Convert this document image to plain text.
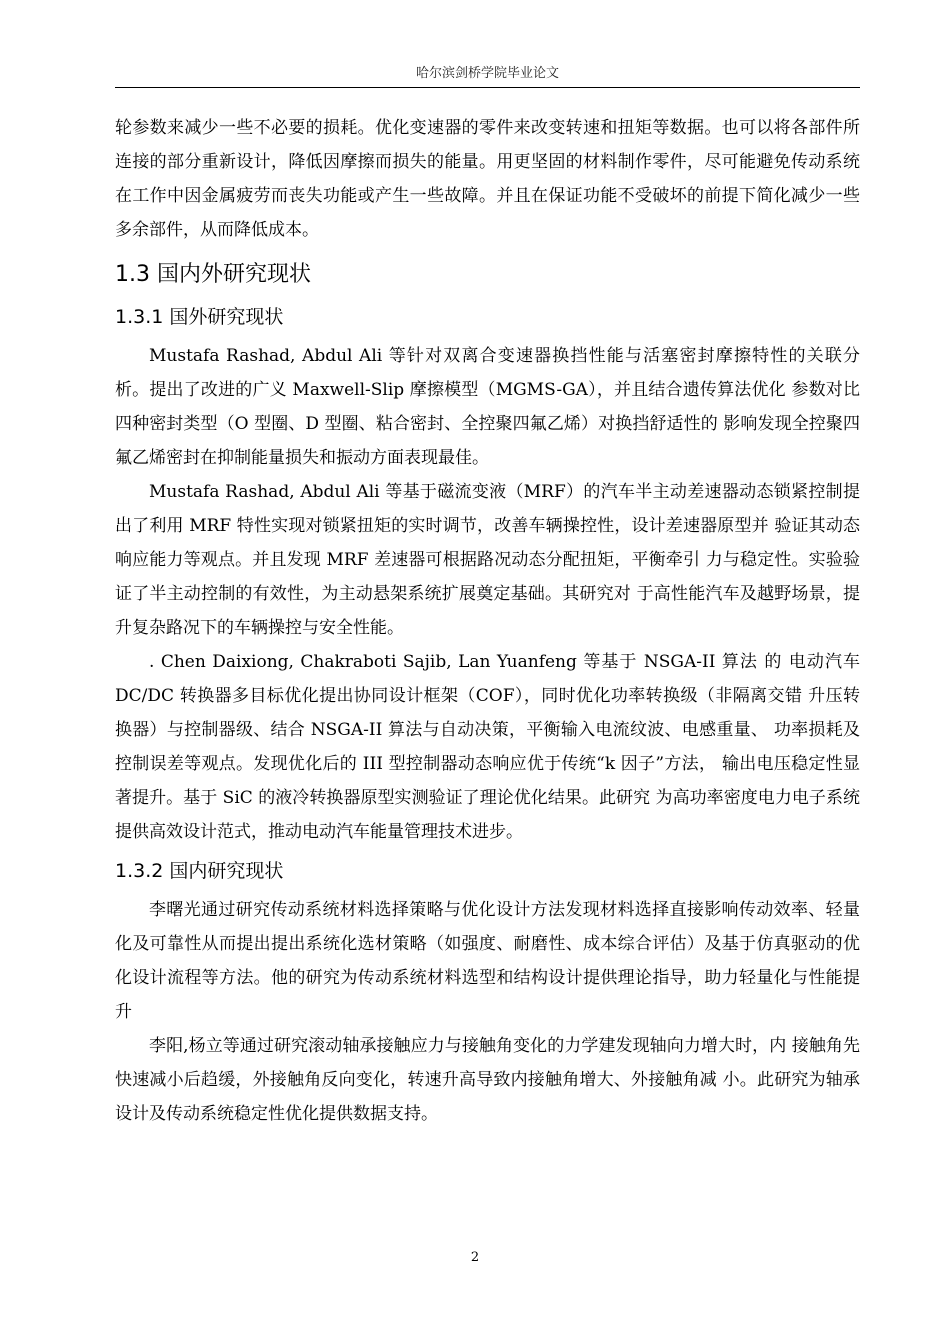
哈尔滨剑桥学院毕业论文

轮参数来减少一些不必要的损耗。优化变速器的零件来改变转速和扭矩等数据。也可以将各部件所连接的部分重新设计，降低因摩擦而损失的能量。用更坚固的材料制作零件，尽可能避免传动系统在工作中因金属疲劳而丧失功能或产生一些故障。并且在保证功能不受破坏的前提下简化减少一些多余部件，从而降低成本。

1.3 国内外研究现状
1.3.1 国外研究现状

Mustafa Rashad, Abdul Ali 等针对双离合变速器换挡性能与活塞密封摩擦特性的关联分析。提出了改进的广义 Maxwell-Slip 摩擦模型（MGMS-GA），并且结合遗传算法优化 参数对比四种密封类型（O 型圈、D 型圈、粘合密封、全控聚四氟乙烯）对换挡舒适性的 影响发现全控聚四氟乙烯密封在抑制能量损失和振动方面表现最佳。

Mustafa Rashad, Abdul Ali 等基于磁流变液（MRF）的汽车半主动差速器动态锁紧控制提出了利用 MRF 特性实现对锁紧扭矩的实时调节，改善车辆操控性，设计差速器原型并 验证其动态响应能力等观点。并且发现 MRF 差速器可根据路况动态分配扭矩，平衡牵引 力与稳定性。实验验证了半主动控制的有效性，为主动悬架系统扩展奠定基础。其研究对 于高性能汽车及越野场景，提升复杂路况下的车辆操控与安全性能。

. Chen Daixiong, Chakraboti Sajib, Lan Yuanfeng 等基于 NSGA-II 算法 的 电动汽车 DC/DC 转换器多目标优化提出协同设计框架（COF），同时优化功率转换级（非隔离交错 升压转换器）与控制器级、结合 NSGA-II 算法与自动决策，平衡输入电流纹波、电感重量、 功率损耗及控制误差等观点。发现优化后的 III 型控制器动态响应优于传统“k 因子”方法， 输出电压稳定性显著提升。基于 SiC 的液冷转换器原型实测验证了理论优化结果。此研究 为高功率密度电力电子系统提供高效设计范式，推动电动汽车能量管理技术进步。

1.3.2 国内研究现状

李曙光通过研究传动系统材料选择策略与优化设计方法发现材料选择直接影响传动效率、轻量化及可靠性从而提出提出系统化选材策略（如强度、耐磨性、成本综合评估）及基于仿真驱动的优化设计流程等方法。他的研究为传动系统材料选型和结构设计提供理论指导，助力轻量化与性能提升

李阳,杨立等通过研究滚动轴承接触应力与接触角变化的力学建发现轴向力增大时，内 接触角先快速减小后趋缓，外接触角反向变化，转速升高导致内接触角增大、外接触角减 小。此研究为轴承设计及传动系统稳定性优化提供数据支持。

2
